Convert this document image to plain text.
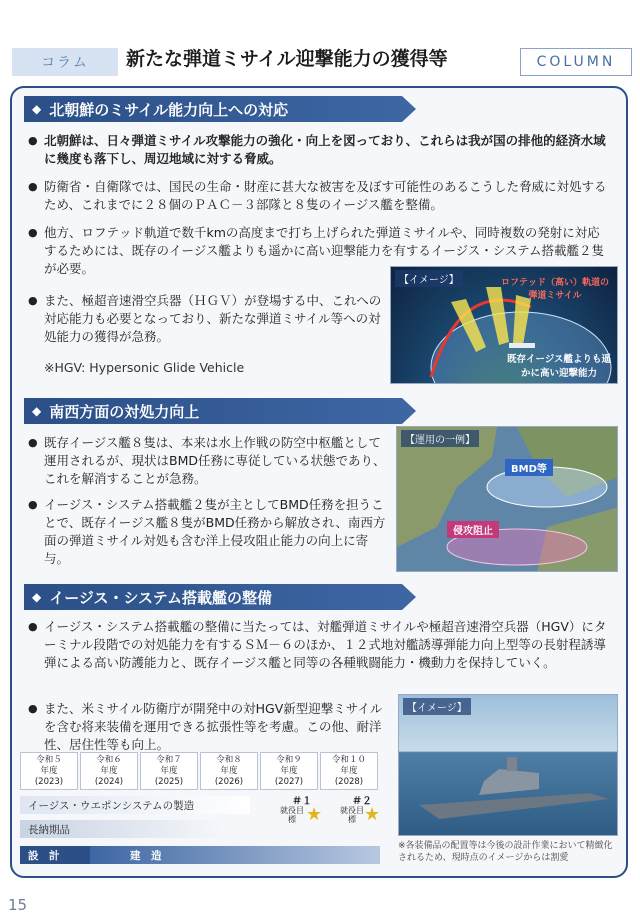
コラム	新たな弾道ミサイル迎撃能力の獲得等	COLUMN
◆ 北朝鮮のミサイル能力向上への対応
● 北朝鮮は、日々弾道ミサイル攻撃能力の強化・向上を図っており、これらは我が国の排他的経済水域に幾度も落下し、周辺地域に対する脅威。
● 防衛省・自衛隊では、国民の生命・財産に甚大な被害を及ぼす可能性のあるこうした脅威に対処するため、これまでに２８個のＰＡＣ－３部隊と８隻のイージス艦を整備。
● 他方、ロフテッド軌道で数千kmの高度まで打ち上げられた弾道ミサイルや、同時複数の発射に対応するためには、既存のイージス艦よりも遥かに高い迎撃能力を有するイージス・システム搭載艦２隻が必要。
● また、極超音速滑空兵器（ＨＧＶ）が登場する中、これへの対応能力も必要となっており、新たな弾道ミサイル等への対処能力の獲得が急務。
※HGV: Hypersonic Glide Vehicle
【イメージ】	ロフテッド（高い）軌道の弾道ミサイル
既存イージス艦よりも遥かに高い迎撃能力
◆ 南西方面の対処力向上
● 既存イージス艦８隻は、本来は水上作戦の防空中枢艦として運用されるが、現状はBMD任務に専従している状態であり、これを解消することが急務。
● イージス・システム搭載艦２隻が主としてBMD任務を担うことで、既存イージス艦８隻がBMD任務から解放され、南西方面の弾道ミサイル対処も含む洋上侵攻阻止能力の向上に寄与。
【運用の一例】
BMD等
侵攻阻止
◆ イージス・システム搭載艦の整備
● イージス・システム搭載艦の整備に当たっては、対艦弾道ミサイルや極超音速滑空兵器（HGV）にターミナル段階での対処能力を有するＳＭ－６のほか、１２式地対艦誘導弾能力向上型等の長射程誘導弾による高い防護能力と、既存イージス艦と同等の各種戦闘能力・機動力を保持していく。
● また、米ミサイル防衛庁が開発中の対HGV新型迎撃ミサイルを含む将来装備を運用できる拡張性等を考慮。この他、耐洋性、居住性等も向上。
【イメージ】
令和５
年度
(2023)
令和６
年度
(2024)
令和７
年度
(2025)
令和８
年度
(2026)
令和９
年度
(2027)
令和１０
年度
(2028)
イージス・ウエポンシステムの製造
長納期品
＃１	＃２
就役目標 ★ 就役目標 ★
設　計	建　造
※各装備品の配置等は今後の設計作業において精緻化されるため、現時点のイメージからは割愛
15
